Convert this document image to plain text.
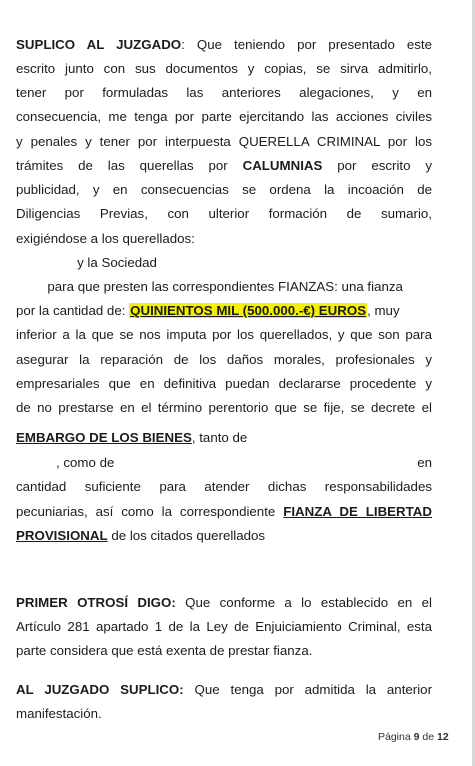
SUPLICO AL JUZGADO: Que teniendo por presentado este
escrito junto con sus documentos y copias, se sirva admitirlo,
tener por formuladas las anteriores alegaciones, y en
consecuencia, me tenga por parte ejercitando las acciones civiles
y penales y tener por interpuesta QUERELLA CRIMINAL por los
trámites de las querellas por CALUMNIAS por escrito y
publicidad, y en consecuencias se ordena la incoación de
Diligencias Previas, con ulterior formación de sumario,
exigiéndose a los querellados:
y la Sociedad
para que presten las correspondientes FIANZAS: una fianza
por la cantidad de: QUINIENTOS MIL (500.000.-€) EUROS, muy
inferior a la que se nos imputa por los querellados, y que son para
asegurar la reparación de los daños morales, profesionales y
empresariales que en definitiva puedan declararse procedente y
de no prestarse en el término perentorio que se fije, se decrete el
EMBARGO DE LOS BIENES, tanto de
, como de	en
cantidad suficiente para atender dichas responsabilidades
pecuniarias, así como la correspondiente FIANZA DE LIBERTAD
PROVISIONAL de los citados querellados
PRIMER OTROSÍ DIGO: Que conforme a lo establecido en el
Artículo 281 apartado 1 de la Ley de Enjuiciamiento Criminal, esta
parte considera que está exenta de prestar fianza.
AL JUZGADO SUPLICO: Que tenga por admitida la anterior
manifestación.
Página 9 de 12
